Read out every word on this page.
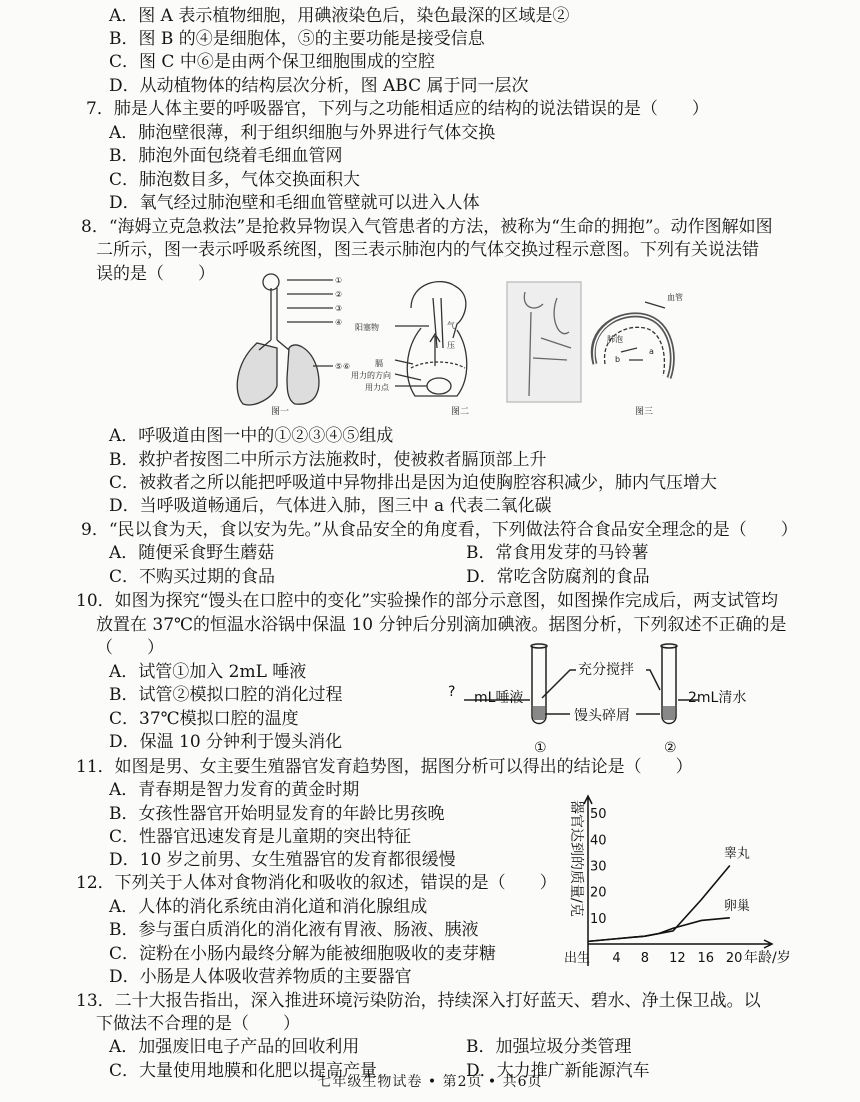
A．图 A 表示植物细胞，用碘液染色后，染色最深的区域是②
B．图 B 的④是细胞体，⑤的主要功能是接受信息
C．图 C 中⑥是由两个保卫细胞围成的空腔
D．从动植物体的结构层次分析，图 ABC 属于同一层次
7．肺是人体主要的呼吸器官，下列与之功能相适应的结构的说法错误的是（　　）
A．肺泡壁很薄，利于组织细胞与外界进行气体交换
B．肺泡外面包绕着毛细血管网
C．肺泡数目多，气体交换面积大
D．氧气经过肺泡壁和毛细血管壁就可以进入人体
8．“海姆立克急救法”是抢救异物误入气管患者的方法，被称为“生命的拥抱”。动作图解如图
二所示，图一表示呼吸系统图，图三表示肺泡内的气体交换过程示意图。下列有关说法错
误的是（　　）
A．呼吸道由图一中的①②③④⑤组成
B．救护者按图二中所示方法施救时，使被救者膈顶部上升
C．被救者之所以能把呼吸道中异物排出是因为迫使胸腔容积减少，肺内气压增大
D．当呼吸道畅通后，气体进入肺，图三中 a 代表二氧化碳
9．“民以食为天，食以安为先。”从食品安全的角度看，下列做法符合食品安全理念的是（　　）
A．随便采食野生蘑菇	B．常食用发芽的马铃薯
C．不购买过期的食品	D．常吃含防腐剂的食品
10．如图为探究“馒头在口腔中的变化”实验操作的部分示意图，如图操作完成后，两支试管均
放置在 37℃的恒温水浴锅中保温 10 分钟后分别滴加碘液。据图分析，下列叙述不正确的是
（　　）
A．试管①加入 2mL 唾液
B．试管②模拟口腔的消化过程
C．37℃模拟口腔的温度
D．保温 10 分钟利于馒头消化
11．如图是男、女主要生殖器官发育趋势图，据图分析可以得出的结论是（　　）
A．青春期是智力发育的黄金时期
B．女孩性器官开始明显发育的年龄比男孩晚
C．性器官迅速发育是儿童期的突出特征
D．10 岁之前男、女生殖器官的发育都很缓慢
12．下列关于人体对食物消化和吸收的叙述，错误的是（　　）
A．人体的消化系统由消化道和消化腺组成
B．参与蛋白质消化的消化液有胃液、肠液、胰液
C．淀粉在小肠内最终分解为能被细胞吸收的麦芽糖
D．小肠是人体吸收营养物质的主要器官
13．二十大报告指出，深入推进环境污染防治，持续深入打好蓝天、碧水、净土保卫战。以
下做法不合理的是（　　）
A．加强废旧电子产品的回收利用	B．加强垃圾分类管理
C．大量使用地膜和化肥以提高产量	D．大力推广新能源汽车
①
②
③
④
⑤ ⑥
阳塞物
膈
用力的方向
用力点
气
压
肺泡
血管
a
b
图一	图二	图三
? mL唾液
充分搅拌
2mL清水
馒头碎屑
①	②
器官达到的质量/克
10
20
30
40
50
出生 4 8 12 16 20
睾丸
卵巢
年龄/岁
七年级生物试卷 • 第2页 • 共6页
